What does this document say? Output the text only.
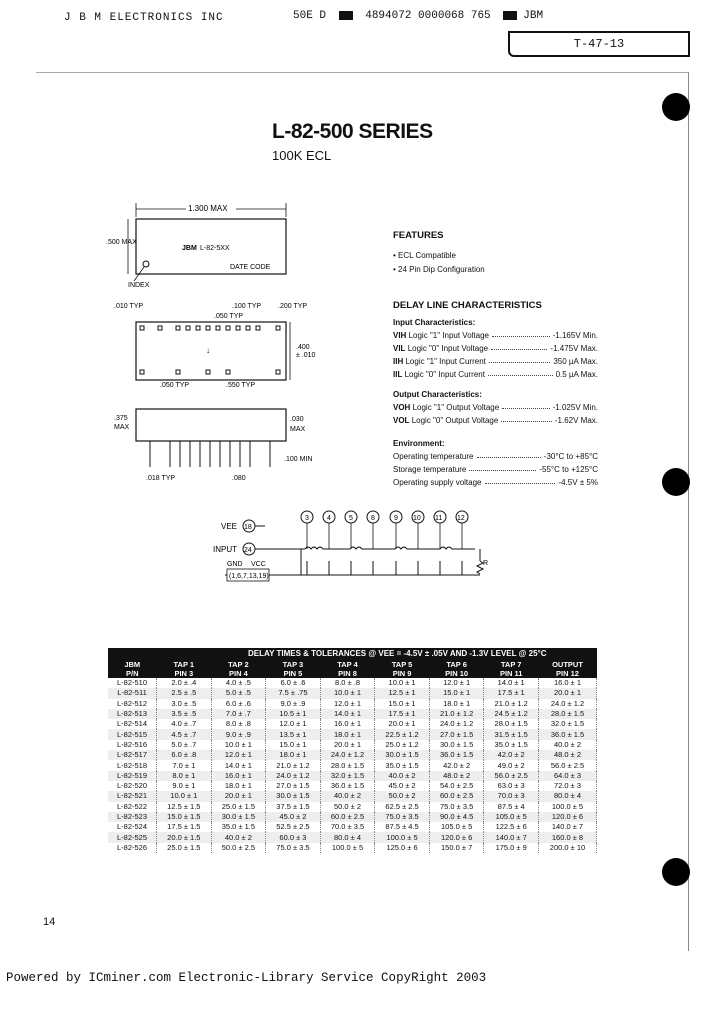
J B M ELECTRONICS INC	50E D	4894072 0000068 765	JBM
T-47-13
L-82-500 SERIES
100K ECL
1.300 MAX
JBM L-82-5XX
DATE CODE
.500 MAX
INDEX
.010 TYP	.100 TYP
.050 TYP
.200 TYP
↓	.400
± .010
.050 TYP	.550 TYP
.375
MAX
.030
MAX
.100 MIN
.018 TYP	.080
FEATURES
• ECL Compatible
• 24 Pin Dip Configuration
DELAY LINE CHARACTERISTICS
Input Characteristics:
VIH Logic "1" Input Voltage	-1.165V Min.
VIL Logic "0" Input Voltage	-1.475V Max.
IIH Logic "1" Input Current	350 µA Max.
IIL Logic "0" Input Current	0.5 µA Max.
Output Characteristics:
VOH Logic "1" Output Voltage	-1.025V Min.
VOL Logic "0" Output Voltage	-1.62V Max.
Environment:
Operating temperature	-30°C to +85°C
Storage temperature	-55°C to +125°C
Operating supply voltage	-4.5V ± 5%
VEE 18
INPUT 24
R
3	4	5	8	9 10 11 12
GND VCC
(1,6,7,13,19)
DELAY TIMES & TOLERANCES @ VEE = -4.5V ± .05V AND -1.3V LEVEL @ 25°C								
JBM	TAP 1	TAP 2	TAP 3	TAP 4	TAP 5	TAP 6	TAP 7	OUTPUT
P/N	PIN 3	PIN 4	PIN 5	PIN 8	PIN 9	PIN 10	PIN 11	PIN 12
L-82-510	2.0 ± .4	4.0 ± .5	6.0 ± .6	8.0 ± .8	10.0 ± 1	12.0 ± 1	14.0 ± 1	16.0 ± 1
L-82-511	2.5 ± .5	5.0 ± .5	7.5 ± .75	10.0 ± 1	12.5 ± 1	15.0 ± 1	17.5 ± 1	20.0 ± 1
L-82-512	3.0 ± .5	6.0 ± .6	9.0 ± .9	12.0 ± 1	15.0 ± 1	18.0 ± 1	21.0 ± 1.2	24.0 ± 1.2
L-82-513	3.5 ± .5	7.0 ± .7	10.5 ± 1	14.0 ± 1	17.5 ± 1	21.0 ± 1.2	24.5 ± 1.2	28.0 ± 1.5
L-82-514	4.0 ± .7	8.0 ± .8	12.0 ± 1	16.0 ± 1	20.0 ± 1	24.0 ± 1.2	28.0 ± 1.5	32.0 ± 1.5
L-82-515	4.5 ± .7	9.0 ± .9	13.5 ± 1	18.0 ± 1	22.5 ± 1.2	27.0 ± 1.5	31.5 ± 1.5	36.0 ± 1.5
L-82-516	5.0 ± .7	10.0 ± 1	15.0 ± 1	20.0 ± 1	25.0 ± 1.2	30.0 ± 1.5	35.0 ± 1.5	40.0 ± 2
L-82-517	6.0 ± .8	12.0 ± 1	18.0 ± 1	24.0 ± 1.2	30.0 ± 1.5	36.0 ± 1.5	42.0 ± 2	48.0 ± 2
L-82-518	7.0 ± 1	14.0 ± 1	21.0 ± 1.2	28.0 ± 1.5	35.0 ± 1.5	42.0 ± 2	49.0 ± 2	56.0 ± 2.5
L-82-519	8.0 ± 1	16.0 ± 1	24.0 ± 1.2	32.0 ± 1.5	40.0 ± 2	48.0 ± 2	56.0 ± 2.5	64.0 ± 3
L-82-520	9.0 ± 1	18.0 ± 1	27.0 ± 1.5	36.0 ± 1.5	45.0 ± 2	54.0 ± 2.5	63.0 ± 3	72.0 ± 3
L-82-521	10.0 ± 1	20.0 ± 1	30.0 ± 1.5	40.0 ± 2	50.0 ± 2	60.0 ± 2.5	70.0 ± 3	80.0 ± 4
L-82-522	12.5 ± 1.5	25.0 ± 1.5	37.5 ± 1.5	50.0 ± 2	62.5 ± 2.5	75.0 ± 3.5	87.5 ± 4	100.0 ± 5
L-82-523	15.0 ± 1.5	30.0 ± 1.5	45.0 ± 2	60.0 ± 2.5	75.0 ± 3.5	90.0 ± 4.5	105.0 ± 5	120.0 ± 6
L-82-524	17.5 ± 1.5	35.0 ± 1.5	52.5 ± 2.5	70.0 ± 3.5	87.5 ± 4.5	105.0 ± 5	122.5 ± 6	140.0 ± 7
L-82-525	20.0 ± 1.5	40.0 ± 2	60.0 ± 3	80.0 ± 4	100.0 ± 5	120.0 ± 6	140.0 ± 7	160.0 ± 8
L-82-526	25.0 ± 1.5	50.0 ± 2.5	75.0 ± 3.5	100.0 ± 5	125.0 ± 6	150.0 ± 7	175.0 ± 9	200.0 ± 10
14
Powered by ICminer.com Electronic-Library Service CopyRight 2003
